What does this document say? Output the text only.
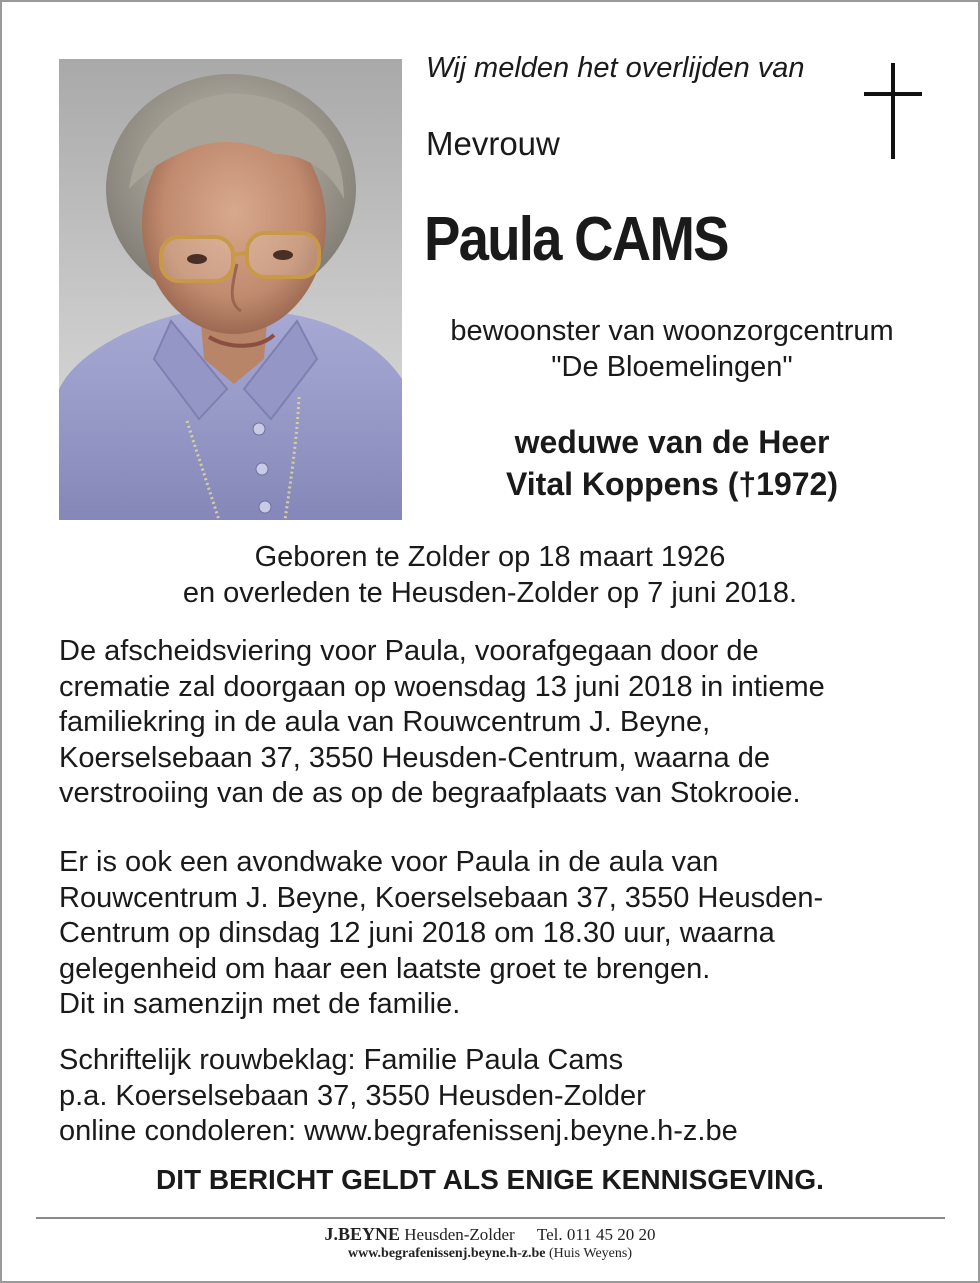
Wij melden het overlijden van
Mevrouw
Paula CAMS
bewoonster van woonzorgcentrum
"De Bloemelingen"
weduwe van de Heer
Vital Koppens (†1972)
Geboren te Zolder op 18 maart 1926
en overleden te Heusden-Zolder op 7 juni 2018.
De afscheidsviering voor Paula, voorafgegaan door de
crematie zal doorgaan op woensdag 13 juni 2018 in intieme
familiekring in de aula van Rouwcentrum J. Beyne,
Koerselsebaan 37, 3550 Heusden-Centrum, waarna de
verstrooiing van de as op de begraafplaats van Stokrooie.
Er is ook een avondwake voor Paula in de aula van
Rouwcentrum J. Beyne, Koerselsebaan 37, 3550 Heusden-
Centrum op dinsdag 12 juni 2018 om 18.30 uur, waarna
gelegenheid om haar een laatste groet te brengen.
Dit in samenzijn met de familie.
Schriftelijk rouwbeklag: Familie Paula Cams
p.a. Koerselsebaan 37, 3550 Heusden-Zolder
online condoleren: www.begrafenissenj.beyne.h-z.be
DIT BERICHT GELDT ALS ENIGE KENNISGEVING.
J.BEYNE Heusden-Zolder Tel. 011 45 20 20
www.begrafenissenj.beyne.h-z.be (Huis Weyens)
